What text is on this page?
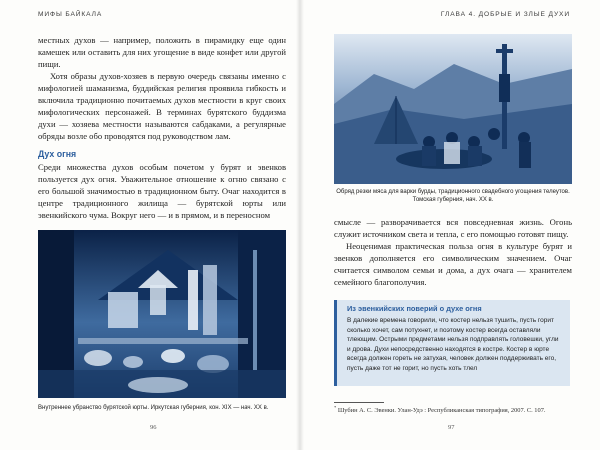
МИФЫ БАЙКАЛА

местных духов — например, положить в пирамидку еще один камешек или оставить для них угощение в виде конфет или другой пищи.

Хотя образы духов-хозяев в первую очередь связаны именно с мифологией шаманизма, буддийская религия проявила гибкость и включила традиционно почитаемых духов местности в круг своих мифологических персонажей. В терминах бурятского буддизма духи — хозяева местности называются сабдаками, а регулярные обряды возле обо проводятся под руководством лам.

Дух огня

Среди множества духов особым почетом у бурят и эвенков пользуется дух огня. Уважительное отношение к огню связано с его большой значимостью в традиционном быту. Очаг находится в центре традиционного жилища — бурятской юрты или эвенкийского чума. Вокруг него — и в прямом, и в переносном

Внутреннее убранство бурятской юрты. Иркутская губерния, кон. XIX — нач. XX в.
96
ГЛАВА 4. ДОБРЫЕ И ЗЛЫЕ ДУХИ
Обряд резки мяса для варки бурды, традиционного свадебного угощения телеутов. Томская губерния, нач. XX в.

смысле — разворачивается вся повседневная жизнь. Огонь служит источником света и тепла, с его помощью готовят пищу.

Неоценимая практическая польза огня в культуре бурят и эвенков дополняется его символическим значением. Очаг считается символом семьи и дома, а дух очага — хранителем семейного благополучия.

Из эвенкийских поверий о духе огня
В далекие времена говорили, что костер нельзя тушить, пусть горит сколько хочет, сам потухнет, и поэтому костер всегда оставляли тлеющим. Острыми предметами нельзя подправлять головешки, угли и дрова. Духи непосредственно находятся в костре. Костер в юрте всегда должен гореть не затухая, человек должен поддерживать его, пусть даже тот не горит, но пусть хоть тлел
* Шубин А. С. Эвенки. Улан-Удэ : Республиканская типография, 2007. С. 107.
97
